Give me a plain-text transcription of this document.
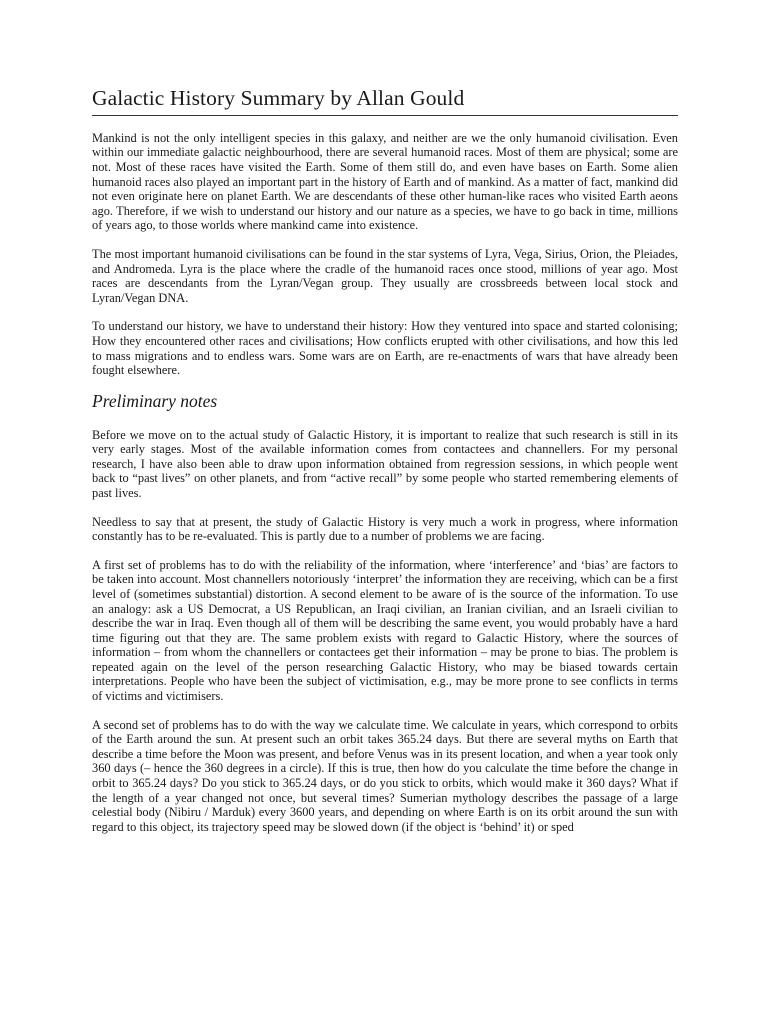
Galactic History Summary by Allan Gould

Mankind is not the only intelligent species in this galaxy, and neither are we the only humanoid civilisation. Even within our immediate galactic neighbourhood, there are several humanoid races. Most of them are physical; some are not. Most of these races have visited the Earth. Some of them still do, and even have bases on Earth. Some alien humanoid races also played an important part in the history of Earth and of mankind. As a matter of fact, mankind did not even originate here on planet Earth. We are descendants of these other human-like races who visited Earth aeons ago. Therefore, if we wish to understand our history and our nature as a species, we have to go back in time, millions of years ago, to those worlds where mankind came into existence.

The most important humanoid civilisations can be found in the star systems of Lyra, Vega, Sirius, Orion, the Pleiades, and Andromeda. Lyra is the place where the cradle of the humanoid races once stood, millions of year ago. Most races are descendants from the Lyran/Vegan group. They usually are crossbreeds between local stock and Lyran/Vegan DNA.

To understand our history, we have to understand their history: How they ventured into space and started colonising; How they encountered other races and civilisations; How conflicts erupted with other civilisations, and how this led to mass migrations and to endless wars. Some wars are on Earth, are re-enactments of wars that have already been fought elsewhere.

Preliminary notes

Before we move on to the actual study of Galactic History, it is important to realize that such research is still in its very early stages. Most of the available information comes from contactees and channellers. For my personal research, I have also been able to draw upon information obtained from regression sessions, in which people went back to “past lives” on other planets, and from “active recall” by some people who started remembering elements of past lives.

Needless to say that at present, the study of Galactic History is very much a work in progress, where information constantly has to be re-evaluated. This is partly due to a number of problems we are facing.

A first set of problems has to do with the reliability of the information, where ‘interference’ and ‘bias’ are factors to be taken into account. Most channellers notoriously ‘interpret’ the information they are receiving, which can be a first level of (sometimes substantial) distortion. A second element to be aware of is the source of the information. To use an analogy: ask a US Democrat, a US Republican, an Iraqi civilian, an Iranian civilian, and an Israeli civilian to describe the war in Iraq. Even though all of them will be describing the same event, you would probably have a hard time figuring out that they are. The same problem exists with regard to Galactic History, where the sources of information – from whom the channellers or contactees get their information – may be prone to bias. The problem is repeated again on the level of the person researching Galactic History, who may be biased towards certain interpretations. People who have been the subject of victimisation, e.g., may be more prone to see conflicts in terms of victims and victimisers.

A second set of problems has to do with the way we calculate time. We calculate in years, which correspond to orbits of the Earth around the sun. At present such an orbit takes 365.24 days. But there are several myths on Earth that describe a time before the Moon was present, and before Venus was in its present location, and when a year took only 360 days (– hence the 360 degrees in a circle). If this is true, then how do you calculate the time before the change in orbit to 365.24 days? Do you stick to 365.24 days, or do you stick to orbits, which would make it 360 days? What if the length of a year changed not once, but several times? Sumerian mythology describes the passage of a large celestial body (Nibiru / Marduk) every 3600 years, and depending on where Earth is on its orbit around the sun with regard to this object, its trajectory speed may be slowed down (if the object is ‘behind’ it) or sped
